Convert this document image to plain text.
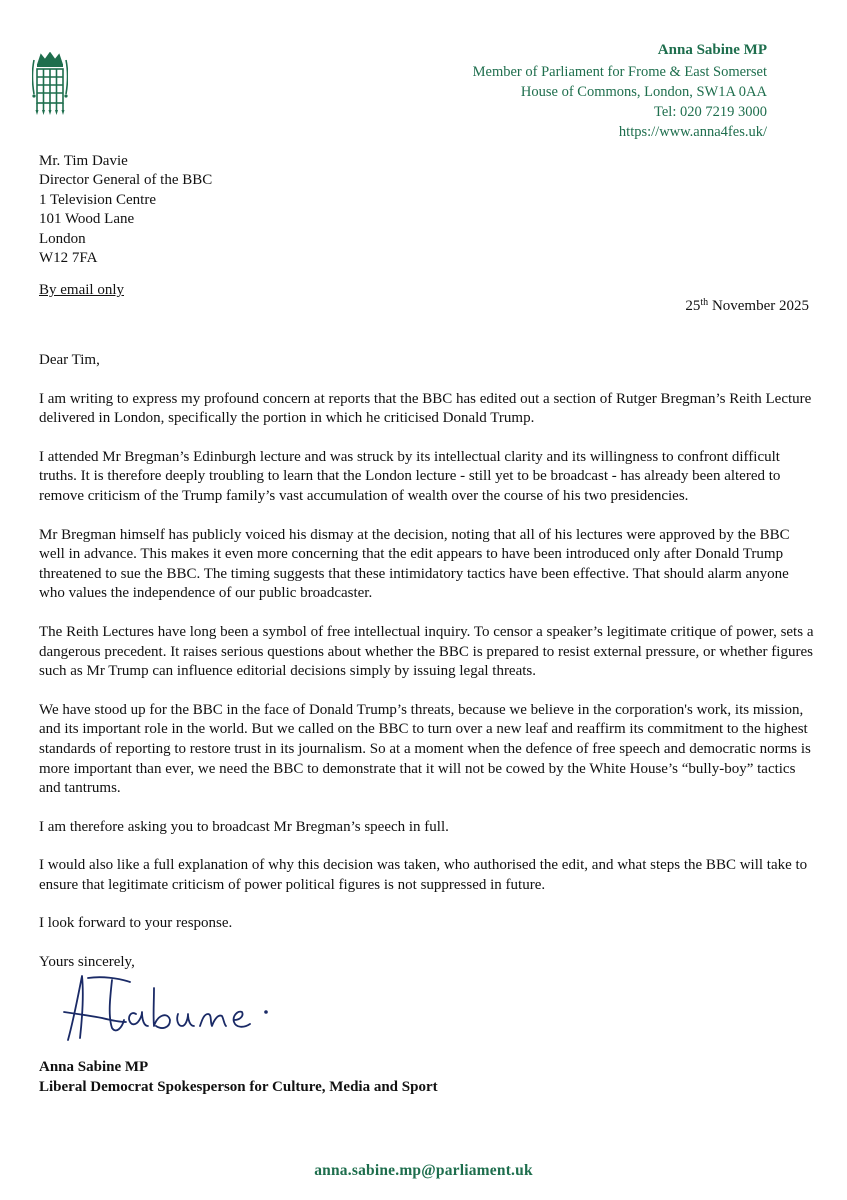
Anna Sabine MP
Member of Parliament for Frome & East Somerset
House of Commons, London, SW1A 0AA
Tel: 020 7219 3000
https://www.anna4fes.uk/
Mr. Tim Davie
Director General of the BBC
1 Television Centre
101 Wood Lane
London
W12 7FA
By email only
25th November 2025

Dear Tim,

I am writing to express my profound concern at reports that the BBC has edited out a section of Rutger Bregman’s Reith Lecture delivered in London, specifically the portion in which he criticised Donald Trump.

I attended Mr Bregman’s Edinburgh lecture and was struck by its intellectual clarity and its willingness to confront difficult truths. It is therefore deeply troubling to learn that the London lecture - still yet to be broadcast - has already been altered to remove criticism of the Trump family’s vast accumulation of wealth over the course of his two presidencies.

Mr Bregman himself has publicly voiced his dismay at the decision, noting that all of his lectures were approved by the BBC well in advance. This makes it even more concerning that the edit appears to have been introduced only after Donald Trump threatened to sue the BBC. The timing suggests that these intimidatory tactics have been effective. That should alarm anyone who values the independence of our public broadcaster.

The Reith Lectures have long been a symbol of free intellectual inquiry. To censor a speaker’s legitimate critique of power, sets a dangerous precedent. It raises serious questions about whether the BBC is prepared to resist external pressure, or whether figures such as Mr Trump can influence editorial decisions simply by issuing legal threats.

We have stood up for the BBC in the face of Donald Trump’s threats, because we believe in the corporation's work, its mission, and its important role in the world. But we called on the BBC to turn over a new leaf and reaffirm its commitment to the highest standards of reporting to restore trust in its journalism. So at a moment when the defence of free speech and democratic norms is more important than ever, we need the BBC to demonstrate that it will not be cowed by the White House’s “bully-boy” tactics and tantrums.

I am therefore asking you to broadcast Mr Bregman’s speech in full.

I would also like a full explanation of why this decision was taken, who authorised the edit, and what steps the BBC will take to ensure that legitimate criticism of power political figures is not suppressed in future.

I look forward to your response.

Yours sincerely,

Anna Sabine MP
Liberal Democrat Spokesperson for Culture, Media and Sport
anna.sabine.mp@parliament.uk
